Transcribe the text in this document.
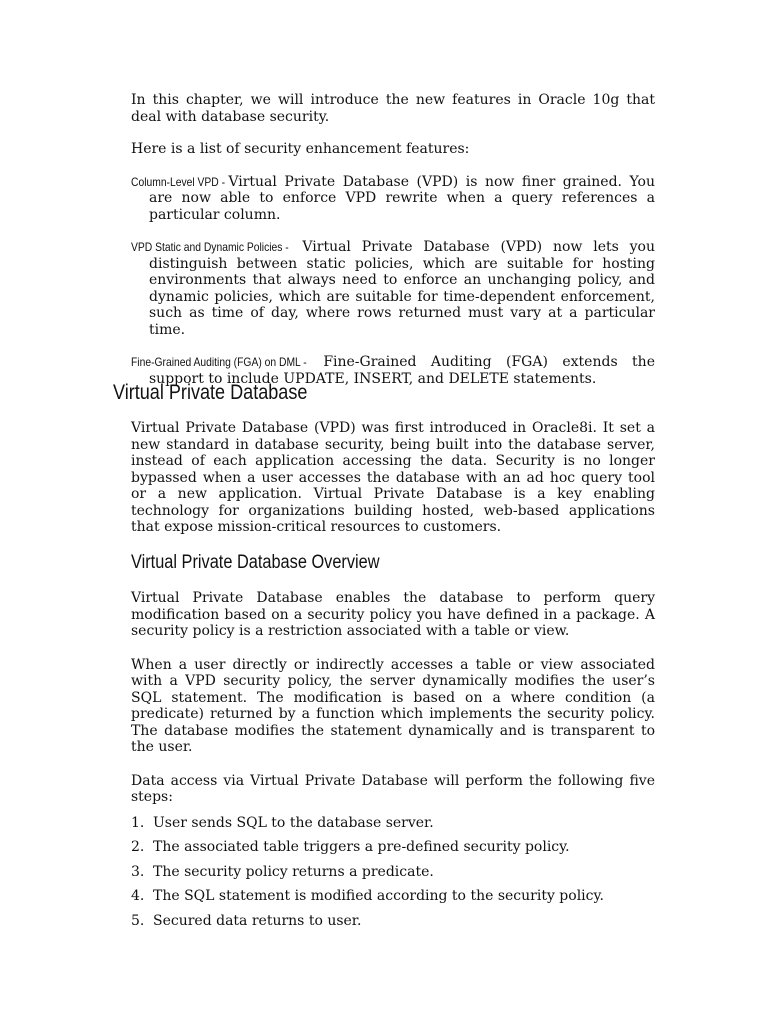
In this chapter, we will introduce the new features in Oracle 10g that deal with database security.

Here is a list of security enhancement features:

Column-Level VPD -Virtual Private Database (VPD) is now finer grained. You are now able to enforce VPD rewrite when a query references a particular column.

VPD Static and Dynamic Policies -Virtual Private Database (VPD) now lets you distinguish between static policies, which are suitable for hosting environments that always need to enforce an unchanging policy, and dynamic policies, which are suitable for time-dependent enforcement, such as time of day, where rows returned must vary at a particular time.

Fine-Grained Auditing (FGA) on DML -Fine-Grained Auditing (FGA) extends the support to include UPDATE, INSERT, and DELETE statements.

Virtual Private Database

Virtual Private Database (VPD) was first introduced in Oracle8i. It set a new standard in database security, being built into the database server, instead of each application accessing the data. Security is no longer bypassed when a user accesses the database with an ad hoc query tool or a new application. Virtual Private Database is a key enabling technology for organizations building hosted, web-based applications that expose mission-critical resources to customers.

Virtual Private Database Overview

Virtual Private Database enables the database to perform query modification based on a security policy you have defined in a package. A security policy is a restriction associated with a table or view.

When a user directly or indirectly accesses a table or view associated with a VPD security policy, the server dynamically modifies the user’s SQL statement. The modification is based on a where condition (a predicate) returned by a function which implements the security policy. The database modifies the statement dynamically and is transparent to the user.

Data access via Virtual Private Database will perform the following five steps:

1. User sends SQL to the database server.
2. The associated table triggers a pre-defined security policy.
3. The security policy returns a predicate.
4. The SQL statement is modified according to the security policy.
5. Secured data returns to user.
